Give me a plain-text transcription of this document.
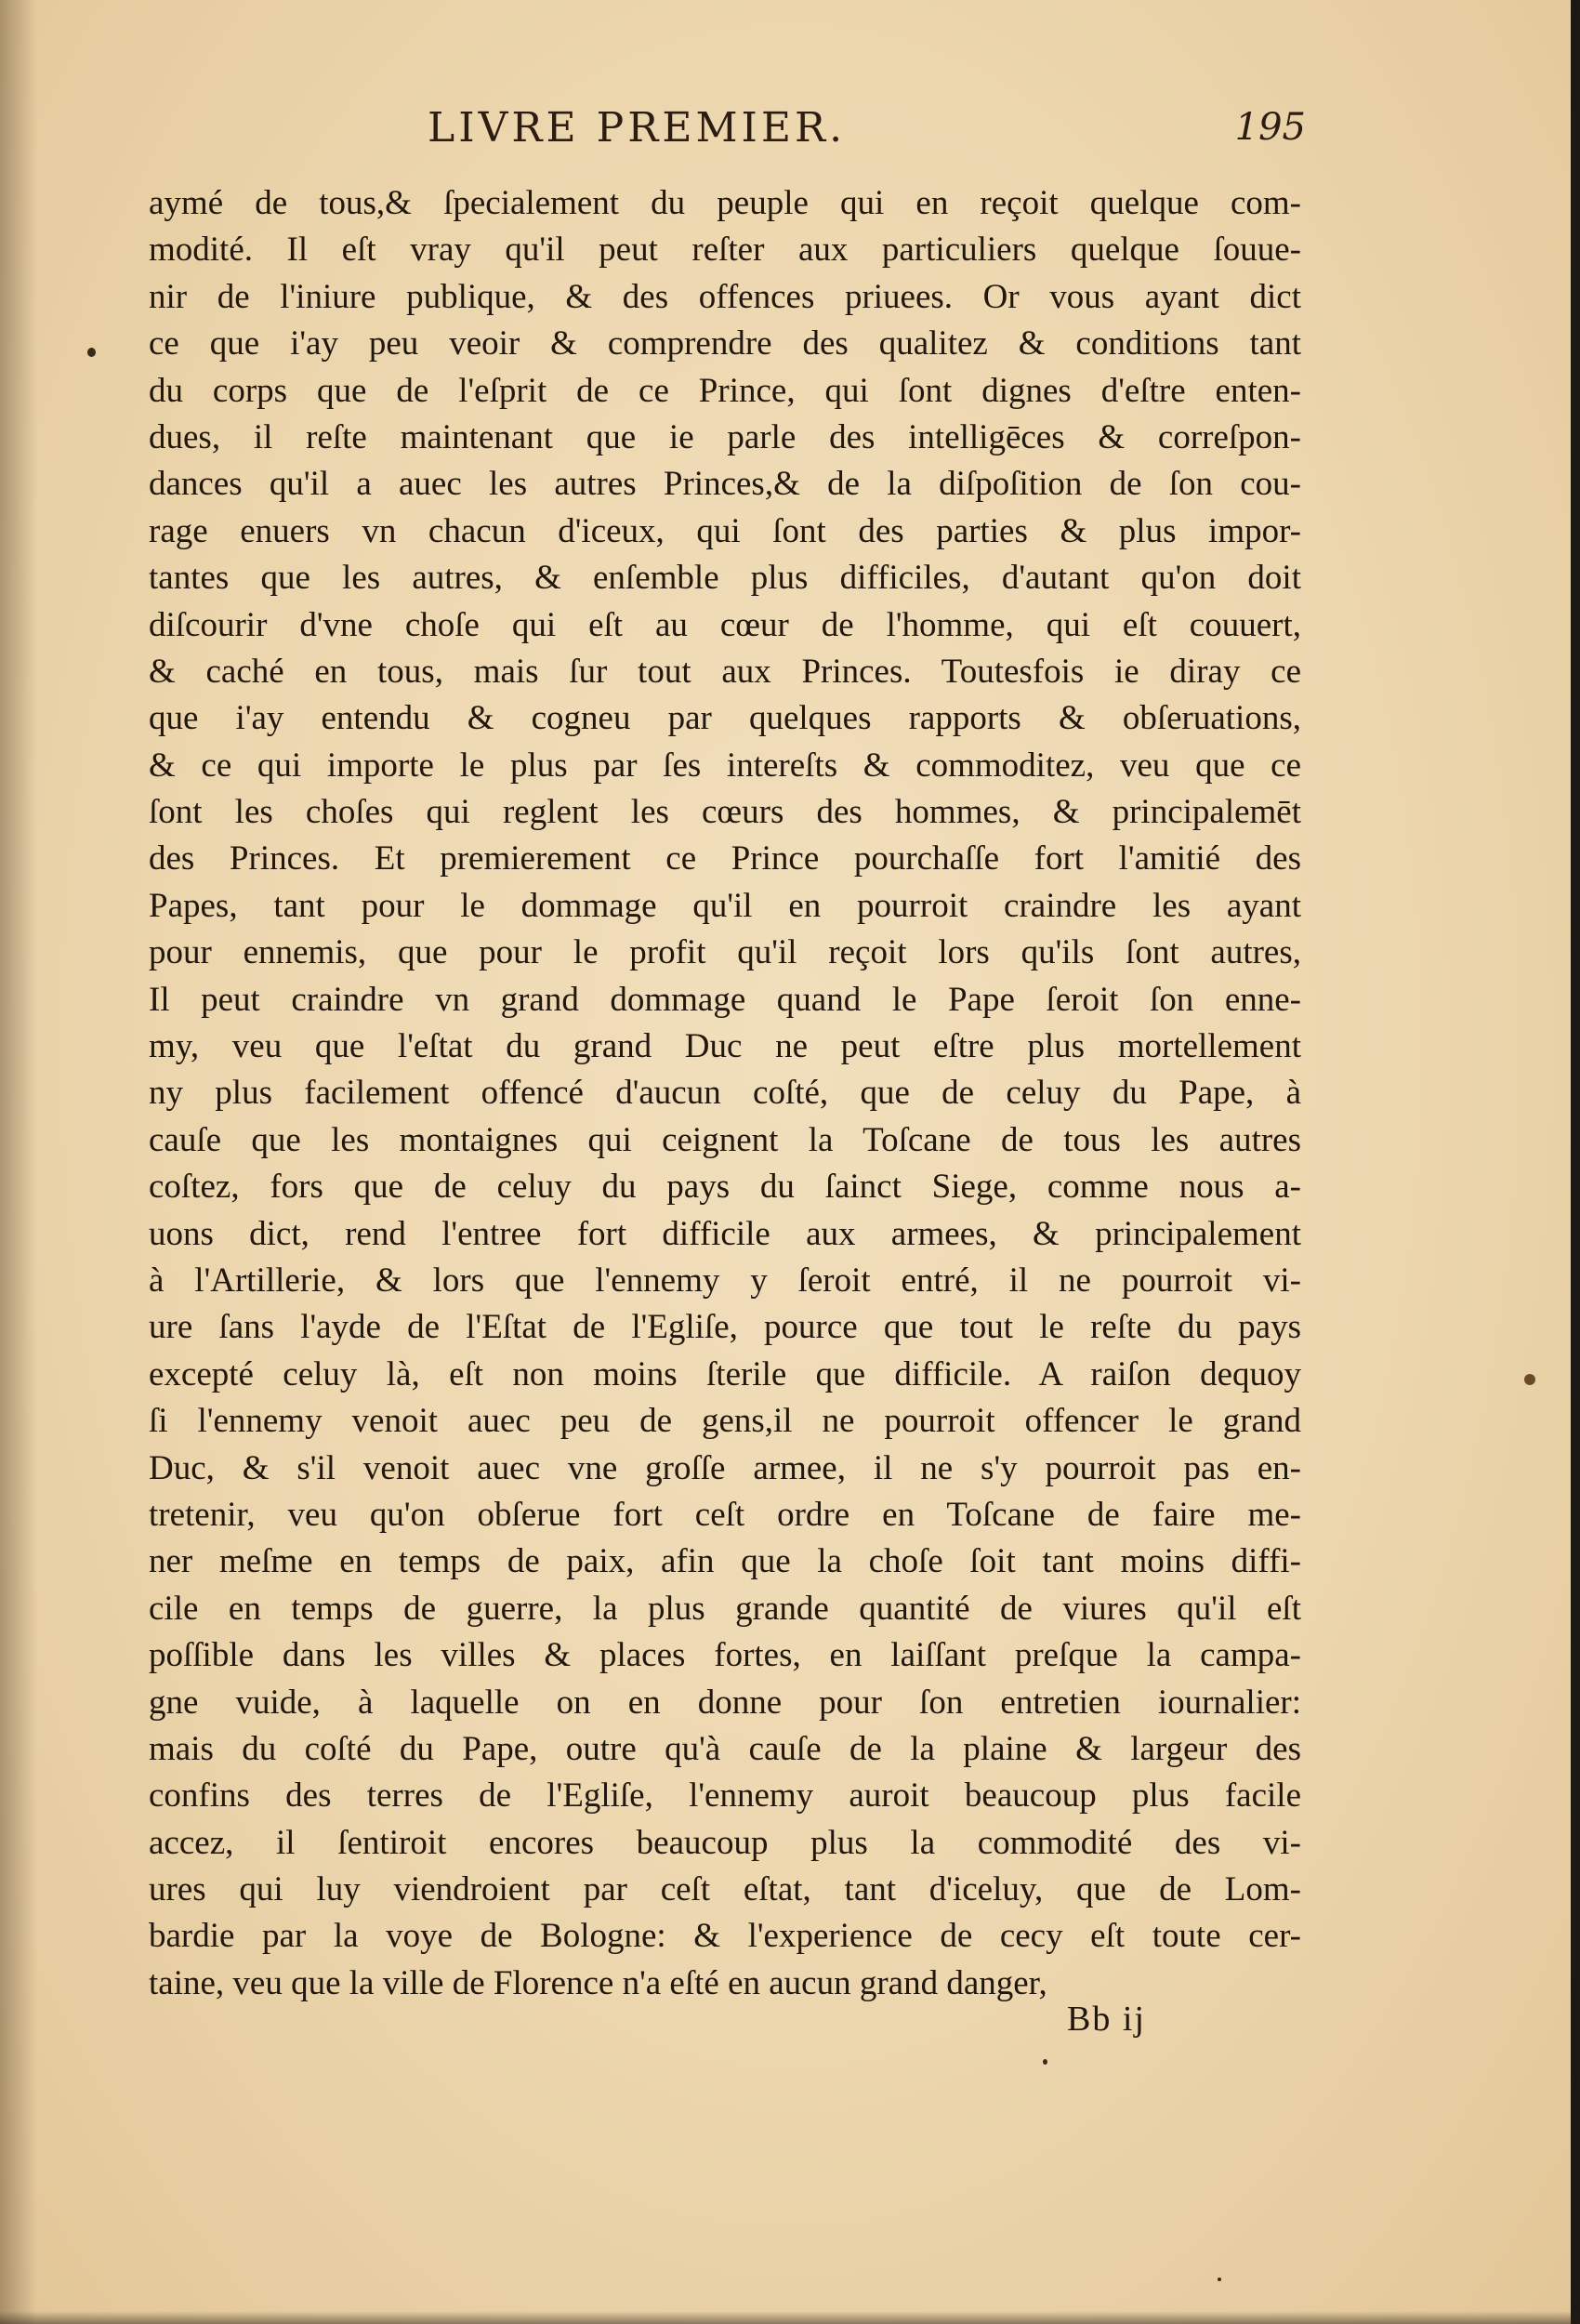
LIVRE PREMIER.	195
aymé de tous,& ſpecialement du peuple qui en reçoit quelque com-
modité. Il eſt vray qu'il peut reſter aux particuliers quelque ſouue-
nir de l'iniure publique, & des offences priuees. Or vous ayant dict
ce que i'ay peu veoir & comprendre des qualitez & conditions tant
du corps que de l'eſprit de ce Prince, qui ſont dignes d'eſtre enten-
dues, il reſte maintenant que ie parle des intelligēces & correſpon-
dances qu'il a auec les autres Princes,& de la diſpoſition de ſon cou-
rage enuers vn chacun d'iceux, qui ſont des parties & plus impor-
tantes que les autres, & enſemble plus difficiles, d'autant qu'on doit
diſcourir d'vne choſe qui eſt au cœur de l'homme, qui eſt couuert,
& caché en tous, mais ſur tout aux Princes. Toutesfois ie diray ce
que i'ay entendu & cogneu par quelques rapports & obſeruations,
& ce qui importe le plus par ſes intereſts & commoditez, veu que ce
ſont les choſes qui reglent les cœurs des hommes, & principalemēt
des Princes. Et premierement ce Prince pourchaſſe fort l'amitié des
Papes, tant pour le dommage qu'il en pourroit craindre les ayant
pour ennemis, que pour le profit qu'il reçoit lors qu'ils ſont autres,
Il peut craindre vn grand dommage quand le Pape ſeroit ſon enne-
my, veu que l'eſtat du grand Duc ne peut eſtre plus mortellement
ny plus facilement offencé d'aucun coſté, que de celuy du Pape, à
cauſe que les montaignes qui ceignent la Toſcane de tous les autres
coſtez, fors que de celuy du pays du ſainct Siege, comme nous a-
uons dict, rend l'entree fort difficile aux armees, & principalement
à l'Artillerie, & lors que l'ennemy y ſeroit entré, il ne pourroit vi-
ure ſans l'ayde de l'Eſtat de l'Egliſe, pource que tout le reſte du pays
excepté celuy là, eſt non moins ſterile que difficile. A raiſon dequoy
ſi l'ennemy venoit auec peu de gens,il ne pourroit offencer le grand
Duc, & s'il venoit auec vne groſſe armee, il ne s'y pourroit pas en-
tretenir, veu qu'on obſerue fort ceſt ordre en Toſcane de faire me-
ner meſme en temps de paix, afin que la choſe ſoit tant moins diffi-
cile en temps de guerre, la plus grande quantité de viures qu'il eſt
poſſible dans les villes & places fortes, en laiſſant preſque la campa-
gne vuide, à laquelle on en donne pour ſon entretien iournalier:
mais du coſté du Pape, outre qu'à cauſe de la plaine & largeur des
confins des terres de l'Egliſe, l'ennemy auroit beaucoup plus facile
accez, il ſentiroit encores beaucoup plus la commodité des vi-
ures qui luy viendroient par ceſt eſtat, tant d'iceluy, que de Lom-
bardie par la voye de Bologne: & l'experience de cecy eſt toute cer-
taine, veu que la ville de Florence n'a eſté en aucun grand danger,
Bb ij
